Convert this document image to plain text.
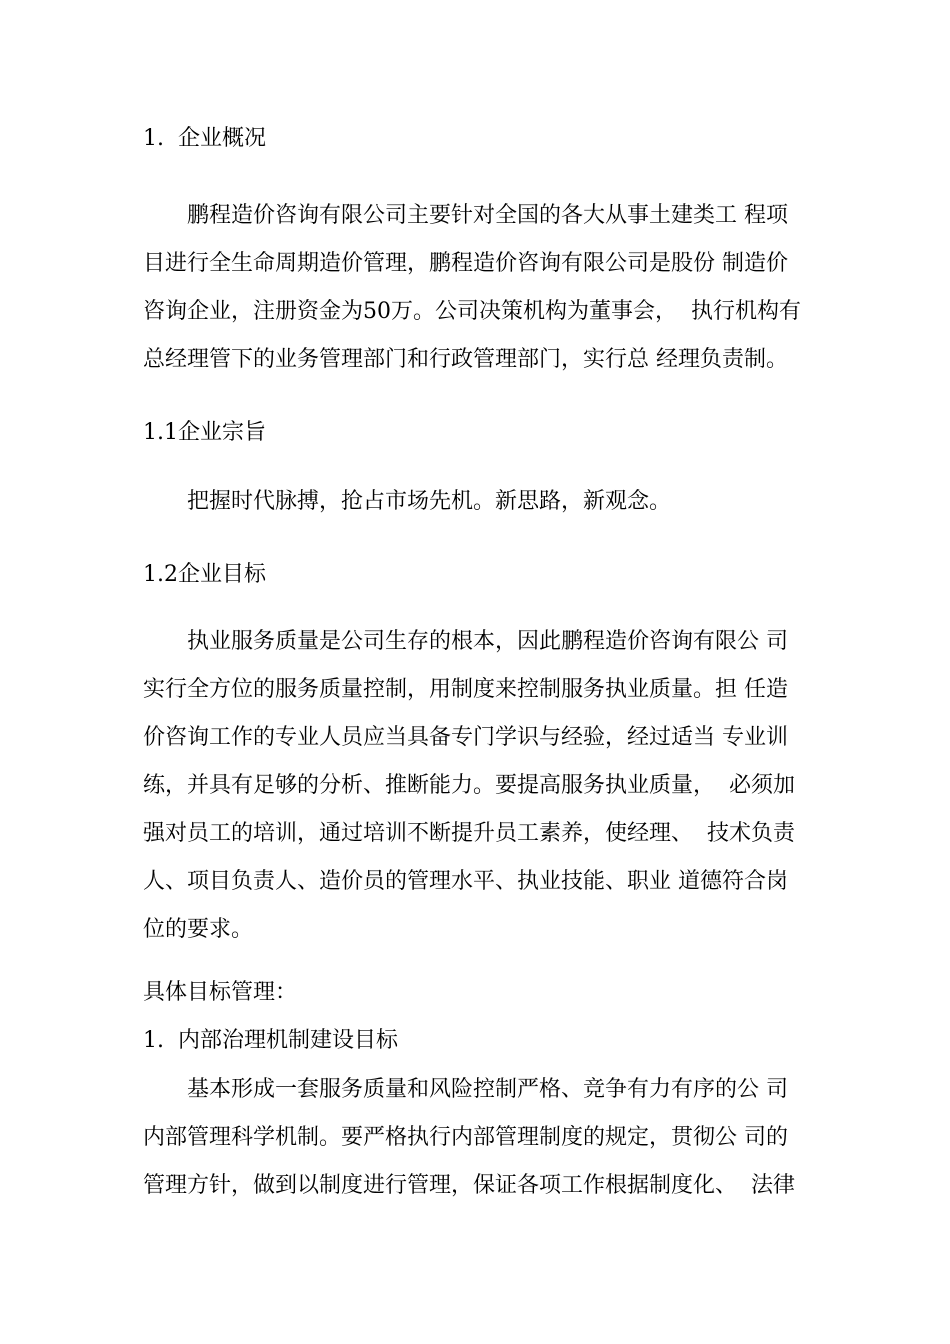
1.  企业概况
鹏程造价咨询有限公司主要针对全国的各大从事土建类工 程项
目进行全生命周期造价管理，鹏程造价咨询有限公司是股份 制造价
咨询企业，注册资金为50万。公司决策机构为董事会，  执行机构有
总经理管下的业务管理部门和行政管理部门，实行总 经理负责制。
1.1企业宗旨
把握时代脉搏，抢占市场先机。新思路，新观念。
1.2企业目标
执业服务质量是公司生存的根本，因此鹏程造价咨询有限公 司
实行全方位的服务质量控制，用制度来控制服务执业质量。担 任造
价咨询工作的专业人员应当具备专门学识与经验，经过适当 专业训
练，并具有足够的分析、推断能力。要提高服务执业质量，  必须加
强对员工的培训，通过培训不断提升员工素养，使经理、  技术负责
人、项目负责人、造价员的管理水平、执业技能、职业 道德符合岗
位的要求。
具体目标管理：
1.  内部治理机制建设目标
基本形成一套服务质量和风险控制严格、竞争有力有序的公 司
内部管理科学机制。要严格执行内部管理制度的规定，贯彻公 司的
管理方针，做到以制度进行管理，保证各项工作根据制度化、  法律
